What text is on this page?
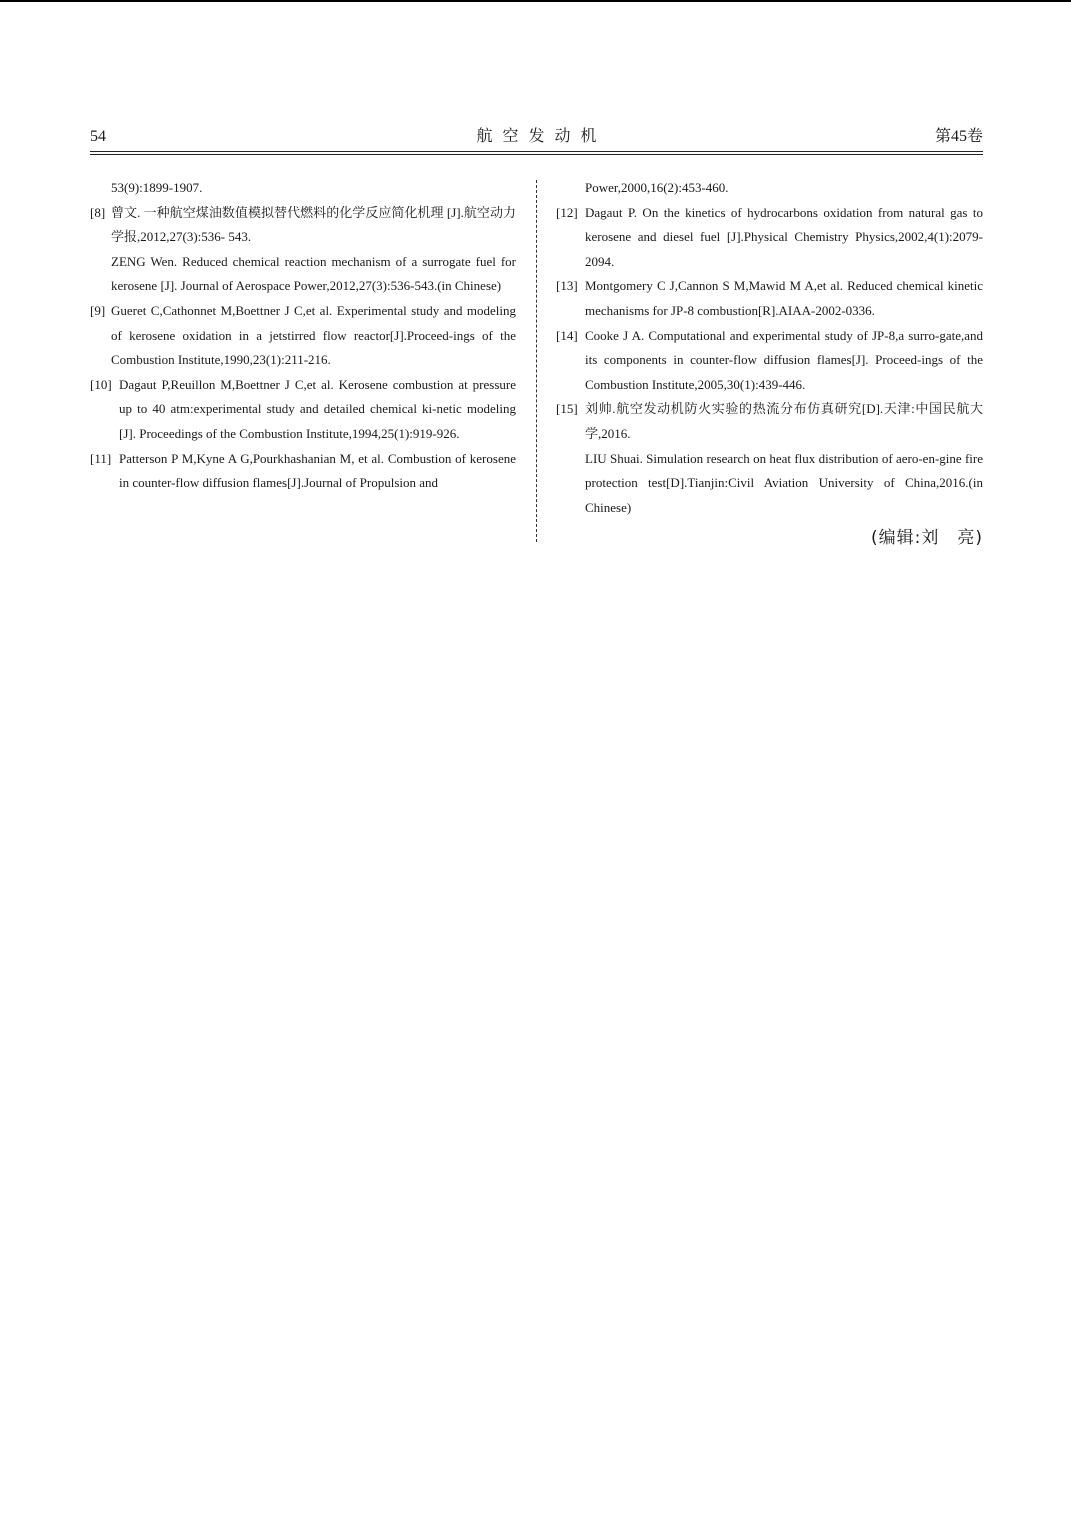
54	航空发动机	第45卷
53(9):1899-1907.
[8] 曾文. 一种航空煤油数值模拟替代燃料的化学反应简化机理 [J].航空动力学报,2012,27(3):536- 543.
ZENG Wen. Reduced chemical reaction mechanism of a surrogate fuel for kerosene [J]. Journal of Aerospace Power,2012,27(3):536-543.(in Chinese)
[9] Gueret C,Cathonnet M,Boettner J C,et al. Experimental study and modeling of kerosene oxidation in a jetstirred flow reactor[J].Proceed-ings of the Combustion Institute,1990,23(1):211-216.
[10] Dagaut P,Reuillon M,Boettner J C,et al. Kerosene combustion at pressure up to 40 atm:experimental study and detailed chemical ki-netic modeling [J]. Proceedings of the Combustion Institute,1994,25(1):919-926.
[11] Patterson P M,Kyne A G,Pourkhashanian M, et al. Combustion of kerosene in counter-flow diffusion flames[J].Journal of Propulsion and
Power,2000,16(2):453-460.
[12] Dagaut P. On the kinetics of hydrocarbons oxidation from natural gas to kerosene and diesel fuel [J].Physical Chemistry Physics,2002,4(1):2079-2094.
[13] Montgomery C J,Cannon S M,Mawid M A,et al. Reduced chemical kinetic mechanisms for JP-8 combustion[R].AIAA-2002-0336.
[14] Cooke J A. Computational and experimental study of JP-8,a surro-gate,and its components in counter-flow diffusion flames[J]. Proceed-ings of the Combustion Institute,2005,30(1):439-446.
[15] 刘帅.航空发动机防火实验的热流分布仿真研究[D].天津:中国民航大学,2016.
LIU Shuai. Simulation research on heat flux distribution of aero-en-gine fire protection test[D].Tianjin:Civil Aviation University of China,2016.(in Chinese)
(编辑:刘　亮)
